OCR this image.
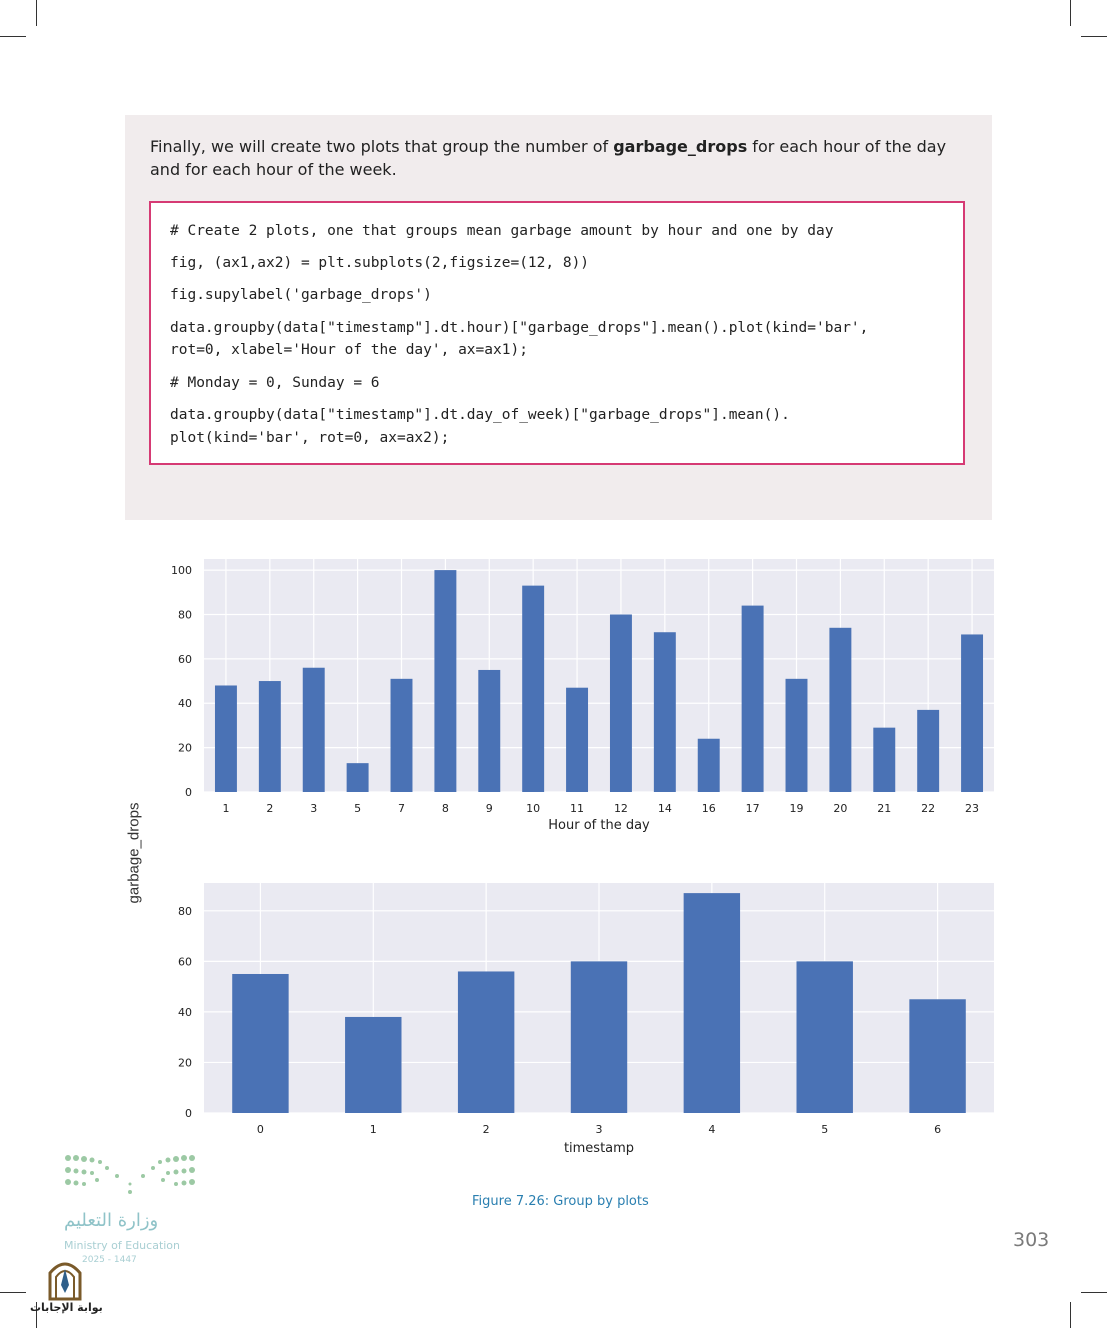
Finally, we will create two plots that group the number of garbage_drops for each hour of the day and for each hour of the week.
# Create 2 plots, one that groups mean garbage amount by hour and one by day
fig, (ax1,ax2) = plt.subplots(2,figsize=(12, 8))
fig.supylabel('garbage_drops')
data.groupby(data["timestamp"].dt.hour)["garbage_drops"].mean().plot(kind='bar',
rot=0, xlabel='Hour of the day', ax=ax1);
# Monday = 0, Sunday = 6
data.groupby(data["timestamp"].dt.day_of_week)["garbage_drops"].mean().
plot(kind='bar', rot=0, ax=ax2);
garbage_drops
0
20
40
60
80
100
1	2	3	5	7	8	9	10	11	12	14	16	17	19	20	21	22	23
Hour of the day
0
20
40
60
80
0	1	2	3	4	5	6
timestamp
Figure 7.26: Group by plots
303
وزارة التعليم
Ministry of Education
2025 - 1447
بوابة الإجابات
